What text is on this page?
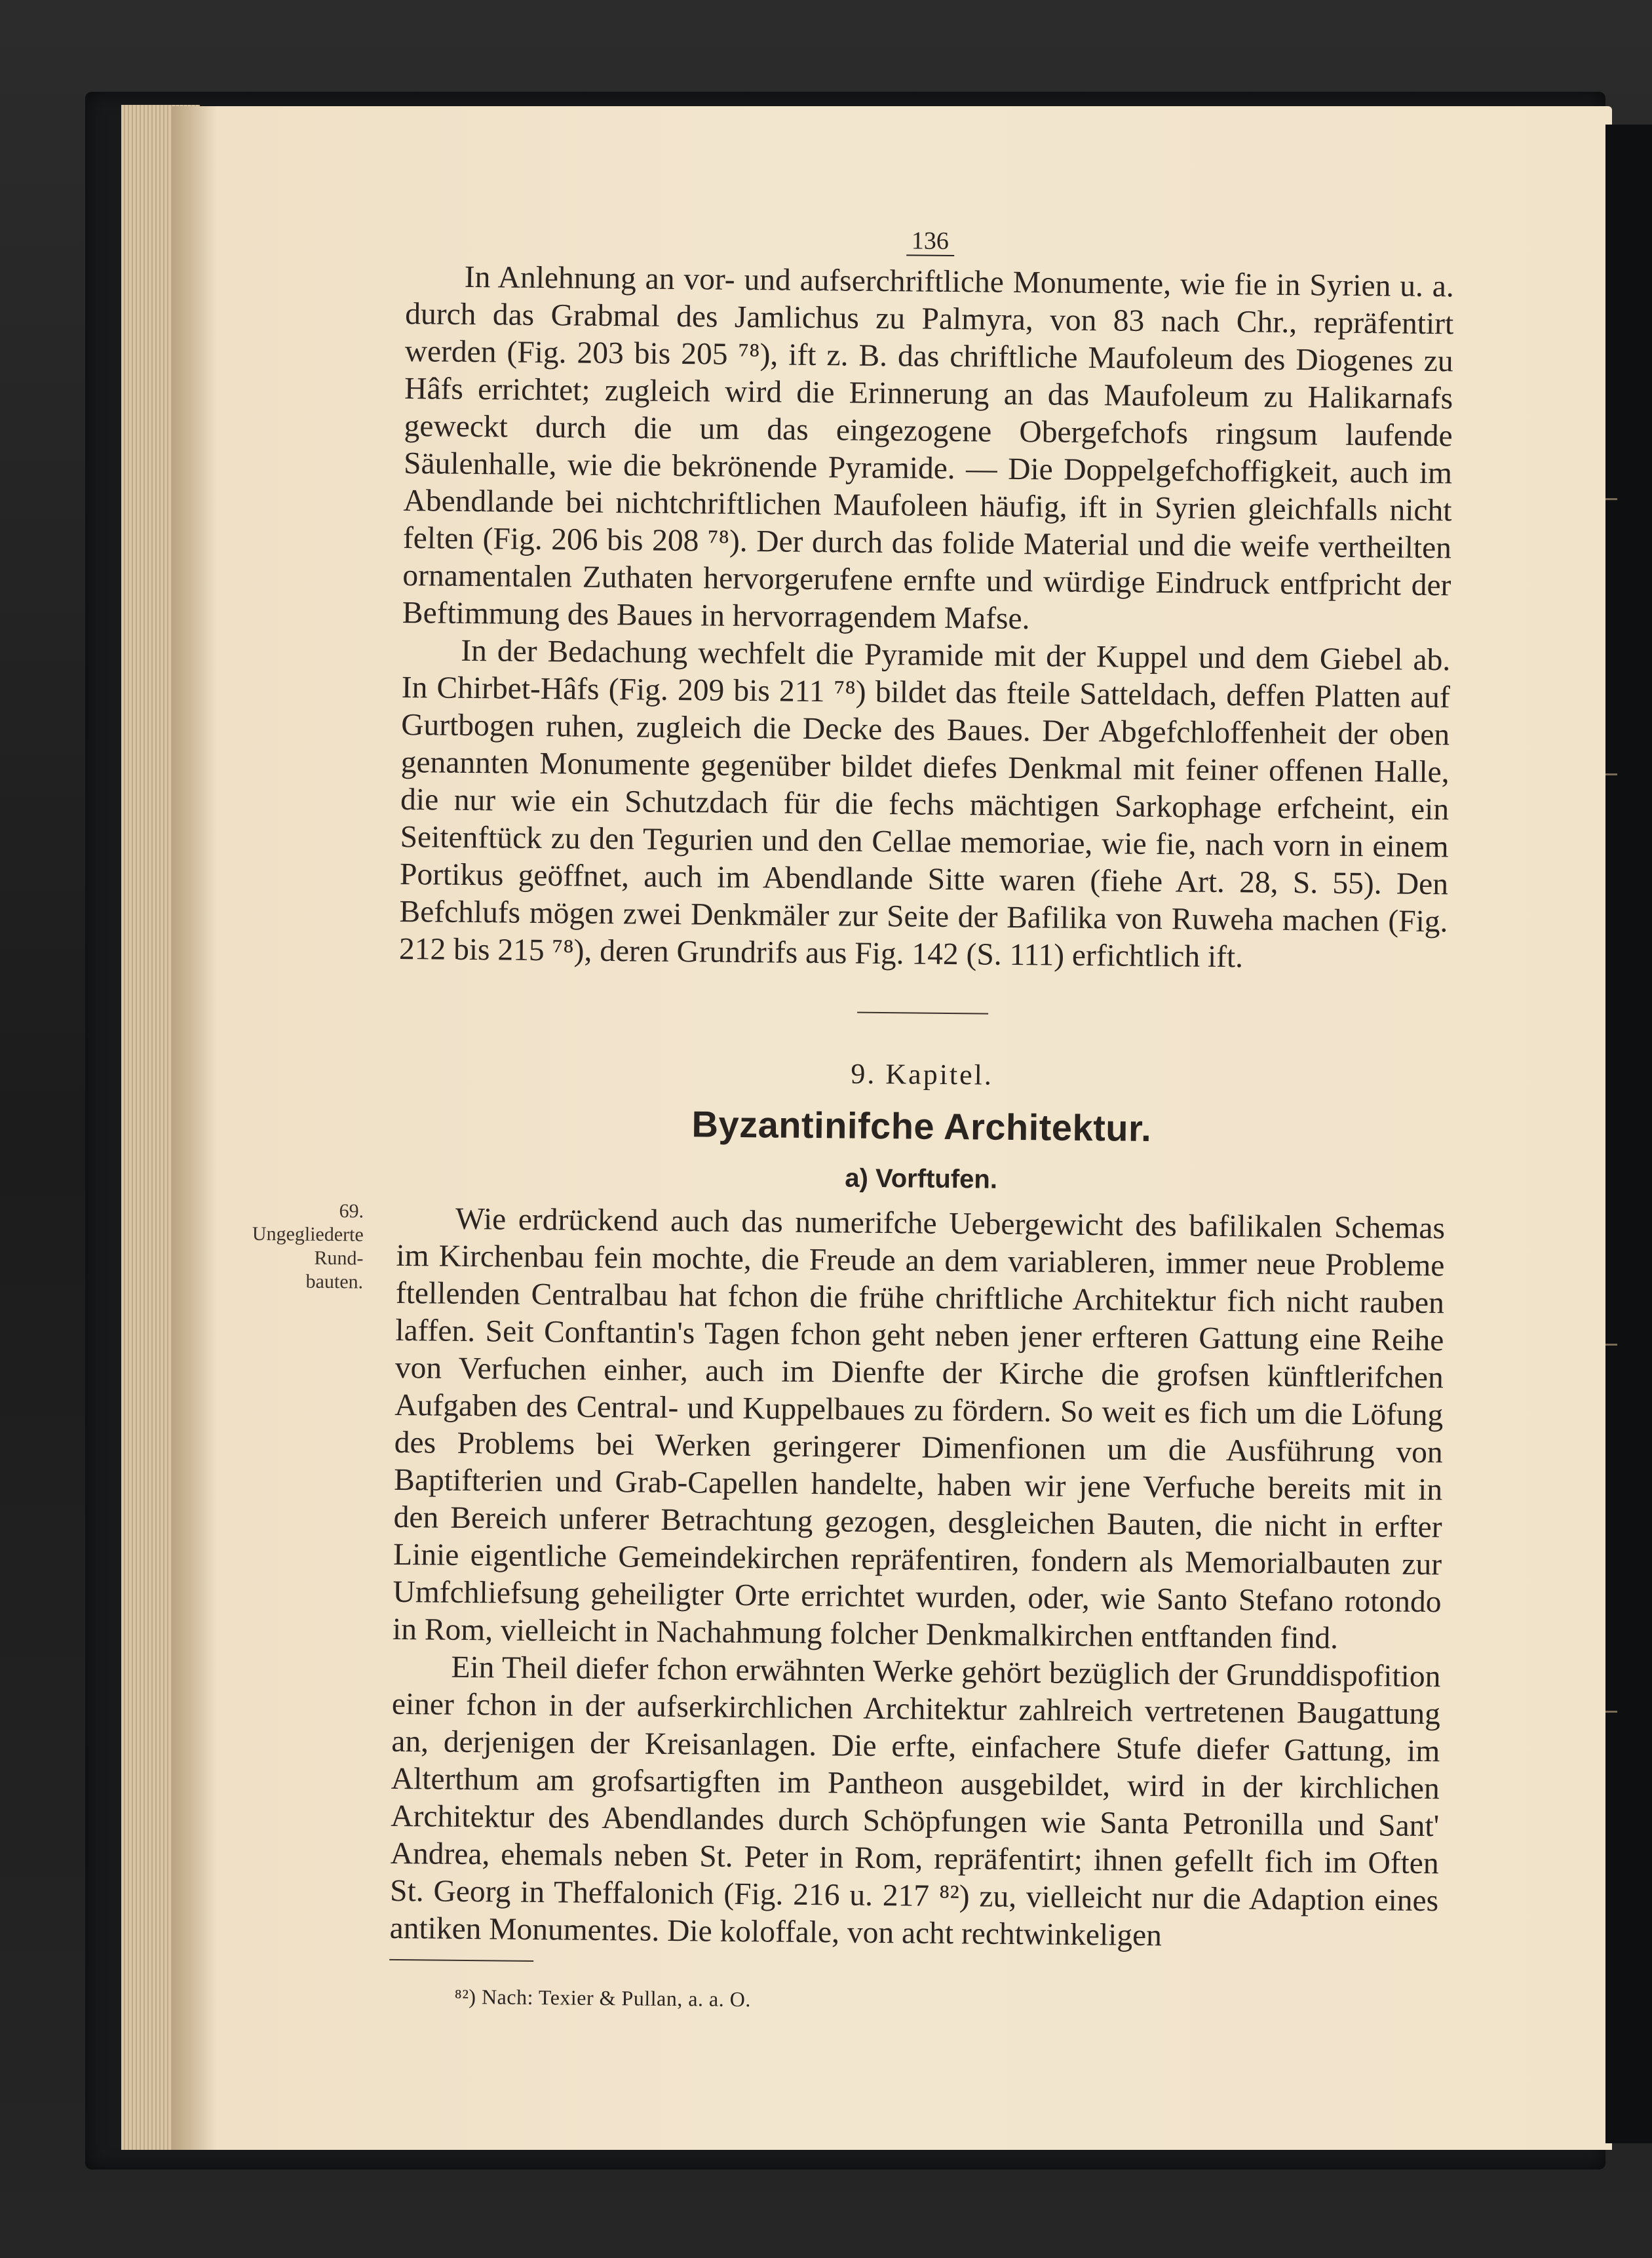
136

In Anlehnung an vor- und aufserchriftliche Monumente, wie fie in Syrien u. a. durch das Grabmal des Jamlichus zu Palmyra, von 83 nach Chr., repräfentirt werden (Fig. 203 bis 205 ⁷⁸), ift z. B. das chriftliche Maufoleum des Diogenes zu Hâfs errichtet; zugleich wird die Erinnerung an das Maufoleum zu Halikarnafs geweckt durch die um das eingezogene Obergefchofs ringsum laufende Säulenhalle, wie die bekrönende Pyramide. — Die Doppelgefchoffigkeit, auch im Abendlande bei nichtchriftlichen Maufoleen häufig, ift in Syrien gleichfalls nicht felten (Fig. 206 bis 208 ⁷⁸). Der durch das folide Material und die weife vertheilten ornamentalen Zuthaten hervorgerufene ernfte und würdige Eindruck entfpricht der Beftimmung des Baues in hervorragendem Mafse.

In der Bedachung wechfelt die Pyramide mit der Kuppel und dem Giebel ab. In Chirbet-Hâfs (Fig. 209 bis 211 ⁷⁸) bildet das fteile Satteldach, deffen Platten auf Gurtbogen ruhen, zugleich die Decke des Baues. Der Abgefchloffenheit der oben genannten Monumente gegenüber bildet diefes Denkmal mit feiner offenen Halle, die nur wie ein Schutzdach für die fechs mächtigen Sarkophage erfcheint, ein Seitenftück zu den Tegurien und den Cellae memoriae, wie fie, nach vorn in einem Portikus geöffnet, auch im Abendlande Sitte waren (fiehe Art. 28, S. 55). Den Befchlufs mögen zwei Denkmäler zur Seite der Bafilika von Ruweha machen (Fig. 212 bis 215 ⁷⁸), deren Grundrifs aus Fig. 142 (S. 111) erfichtlich ift.

9. Kapitel.
Byzantinifche Architektur.
a) Vorftufen.
69.
Ungegliederte
Rund-
bauten.

Wie erdrückend auch das numerifche Uebergewicht des bafilikalen Schemas im Kirchenbau fein mochte, die Freude an dem variableren, immer neue Probleme ftellenden Centralbau hat fchon die frühe chriftliche Architektur fich nicht rauben laffen. Seit Conftantin's Tagen fchon geht neben jener erfteren Gattung eine Reihe von Verfuchen einher, auch im Dienfte der Kirche die grofsen künftlerifchen Aufgaben des Central- und Kuppelbaues zu fördern. So weit es fich um die Löfung des Problems bei Werken geringerer Dimenfionen um die Ausführung von Baptifterien und Grab-Capellen handelte, haben wir jene Verfuche bereits mit in den Bereich unferer Betrachtung gezogen, desgleichen Bauten, die nicht in erfter Linie eigentliche Gemeindekirchen repräfentiren, fondern als Memorialbauten zur Umfchliefsung geheiligter Orte errichtet wurden, oder, wie Santo Stefano rotondo in Rom, vielleicht in Nachahmung folcher Denkmalkirchen entftanden find.

Ein Theil diefer fchon erwähnten Werke gehört bezüglich der Grunddispofition einer fchon in der aufserkirchlichen Architektur zahlreich vertretenen Baugattung an, derjenigen der Kreisanlagen. Die erfte, einfachere Stufe diefer Gattung, im Alterthum am grofsartigften im Pantheon ausgebildet, wird in der kirchlichen Architektur des Abendlandes durch Schöpfungen wie Santa Petronilla und Sant' Andrea, ehemals neben St. Peter in Rom, repräfentirt; ihnen gefellt fich im Often St. Georg in Theffalonich (Fig. 216 u. 217 ⁸²) zu, vielleicht nur die Adaption eines antiken Monumentes. Die koloffale, von acht rechtwinkeligen

⁸²) Nach: Texier & Pullan, a. a. O.
